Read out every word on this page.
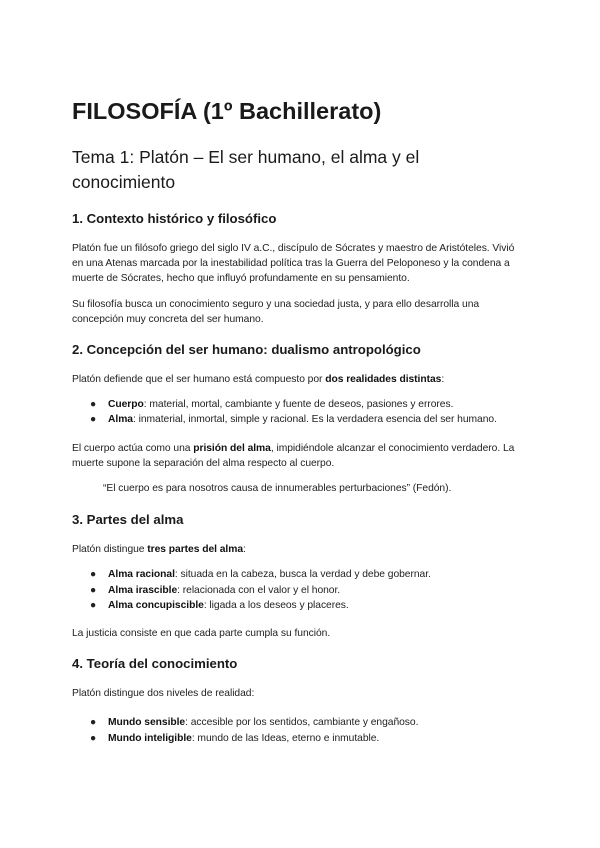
FILOSOFÍA (1º Bachillerato)
Tema 1: Platón – El ser humano, el alma y el conocimiento
1. Contexto histórico y filosófico

Platón fue un filósofo griego del siglo IV a.C., discípulo de Sócrates y maestro de Aristóteles. Vivió en una Atenas marcada por la inestabilidad política tras la Guerra del Peloponeso y la condena a muerte de Sócrates, hecho que influyó profundamente en su pensamiento.

Su filosofía busca un conocimiento seguro y una sociedad justa, y para ello desarrolla una concepción muy concreta del ser humano.

2. Concepción del ser humano: dualismo antropológico

Platón defiende que el ser humano está compuesto por dos realidades distintas:

● Cuerpo: material, mortal, cambiante y fuente de deseos, pasiones y errores.
● Alma: inmaterial, inmortal, simple y racional. Es la verdadera esencia del ser humano.

El cuerpo actúa como una prisión del alma, impidiéndole alcanzar el conocimiento verdadero. La muerte supone la separación del alma respecto al cuerpo.

“El cuerpo es para nosotros causa de innumerables perturbaciones” (Fedón).

3. Partes del alma

Platón distingue tres partes del alma:

● Alma racional: situada en la cabeza, busca la verdad y debe gobernar.
● Alma irascible: relacionada con el valor y el honor.
● Alma concupiscible: ligada a los deseos y placeres.

La justicia consiste en que cada parte cumpla su función.

4. Teoría del conocimiento

Platón distingue dos niveles de realidad:

● Mundo sensible: accesible por los sentidos, cambiante y engañoso.
● Mundo inteligible: mundo de las Ideas, eterno e inmutable.
